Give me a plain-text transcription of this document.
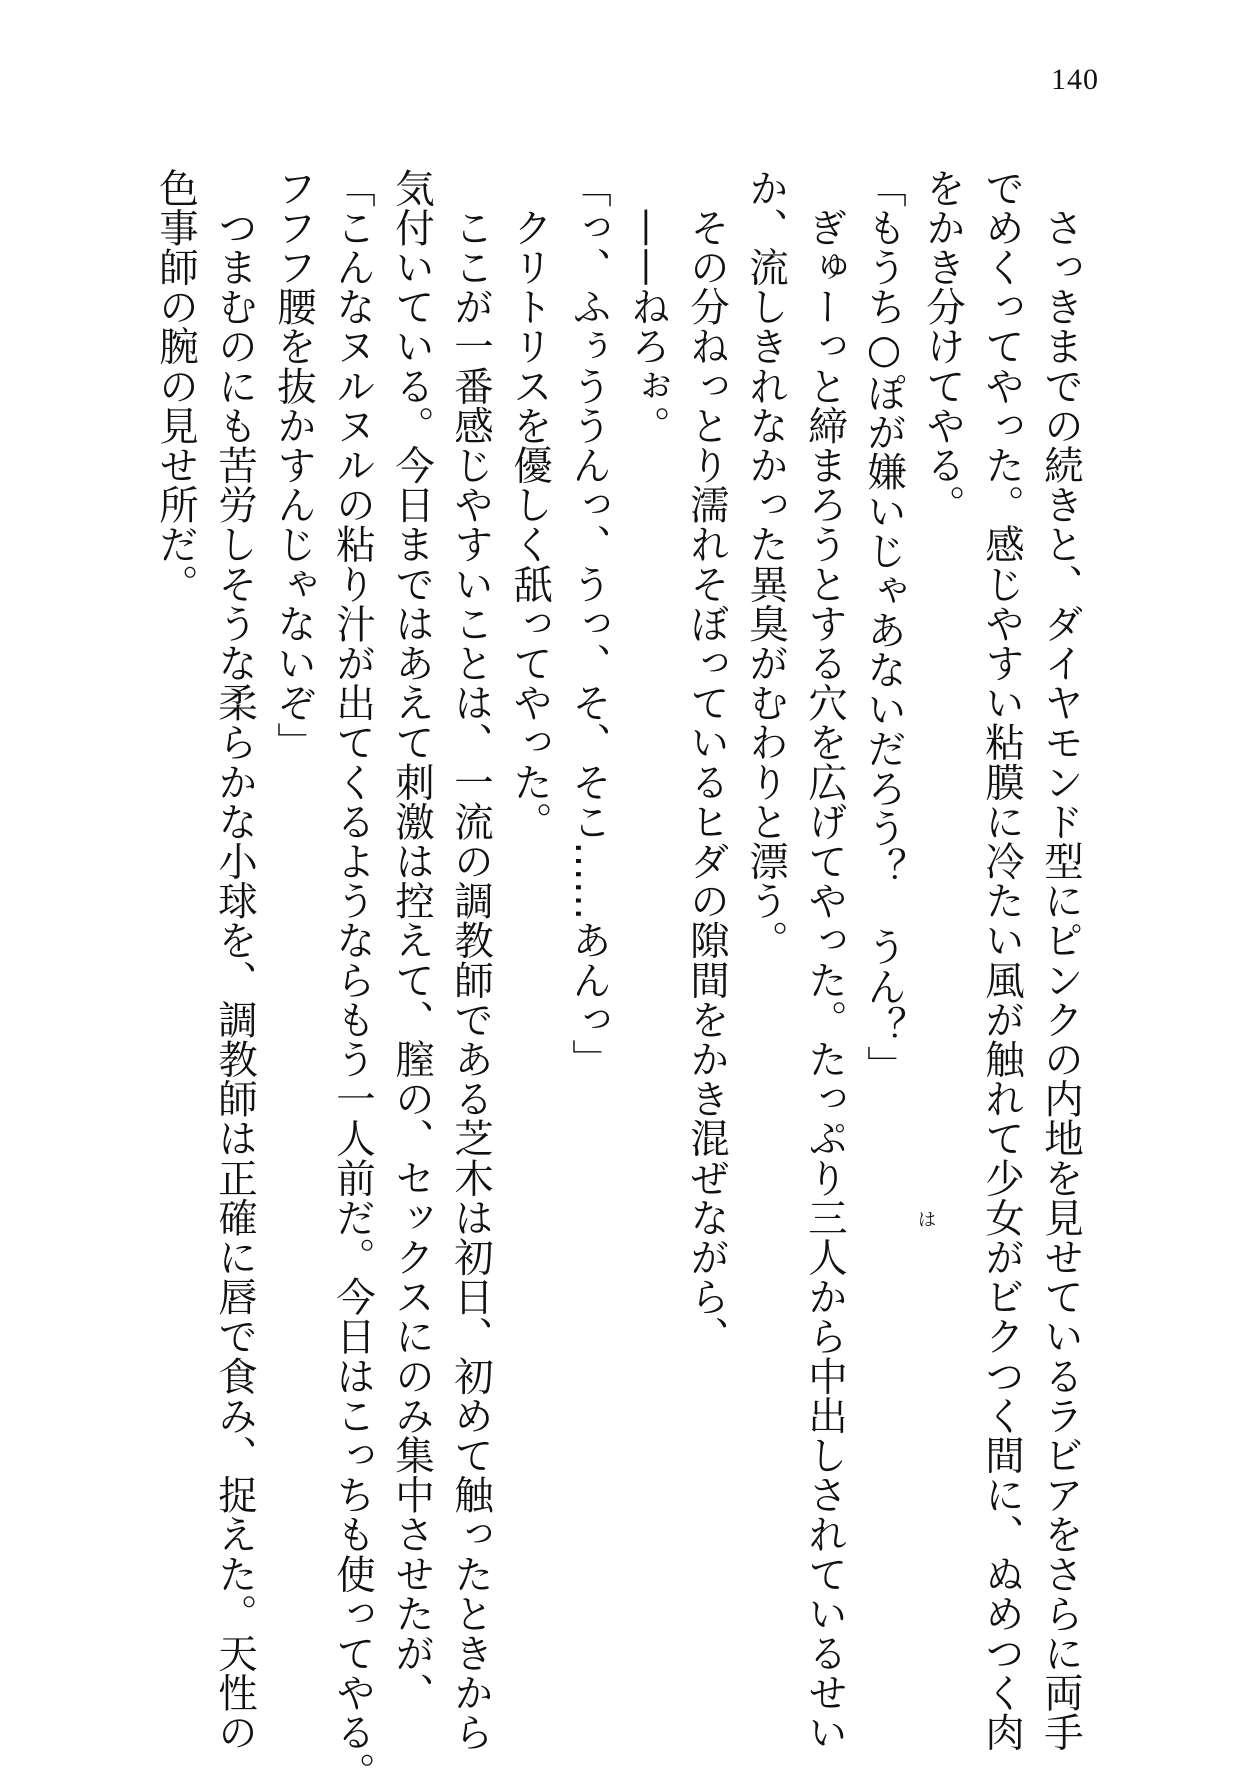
140
　さっきまでの続きと、ダイヤモンド型にピンクの内地を見せているラビアをさらに両手
でめくってやった。感じやすい粘膜に冷たい風が触れて少女がビクつく間に、ぬめつく肉
をかき分けてやる。
「もうち○ぽが嫌いじゃあないだろう？　うん？」
　ぎゅーっと締まろうとする穴を広げてやった。たっぷり三人から中出しされているせい
か、流しきれなかった異臭がむわりと漂う。
　その分ねっとり濡れそぼっているヒダの隙間をかき混ぜながら、
　——ねろぉ。
「っ、ふぅううんっ、うっ、そ、そこ……あんっ」
　クリトリスを優しく舐ってやった。
　ここが一番感じやすいことは、一流の調教師である芝木は初日、初めて触ったときから
気付いている。今日まではあえて刺激は控えて、膣の、セックスにのみ集中させたが、
「こんなヌルヌルの粘り汁が出てくるようならもう一人前だ。今日はこっちも使ってやる。
フフフ腰を抜かすんじゃないぞ」
　つまむのにも苦労しそうな柔らかな小球を、調教師は正確に唇で食み、捉えた。天性の
色事師の腕の見せ所だ。
は
